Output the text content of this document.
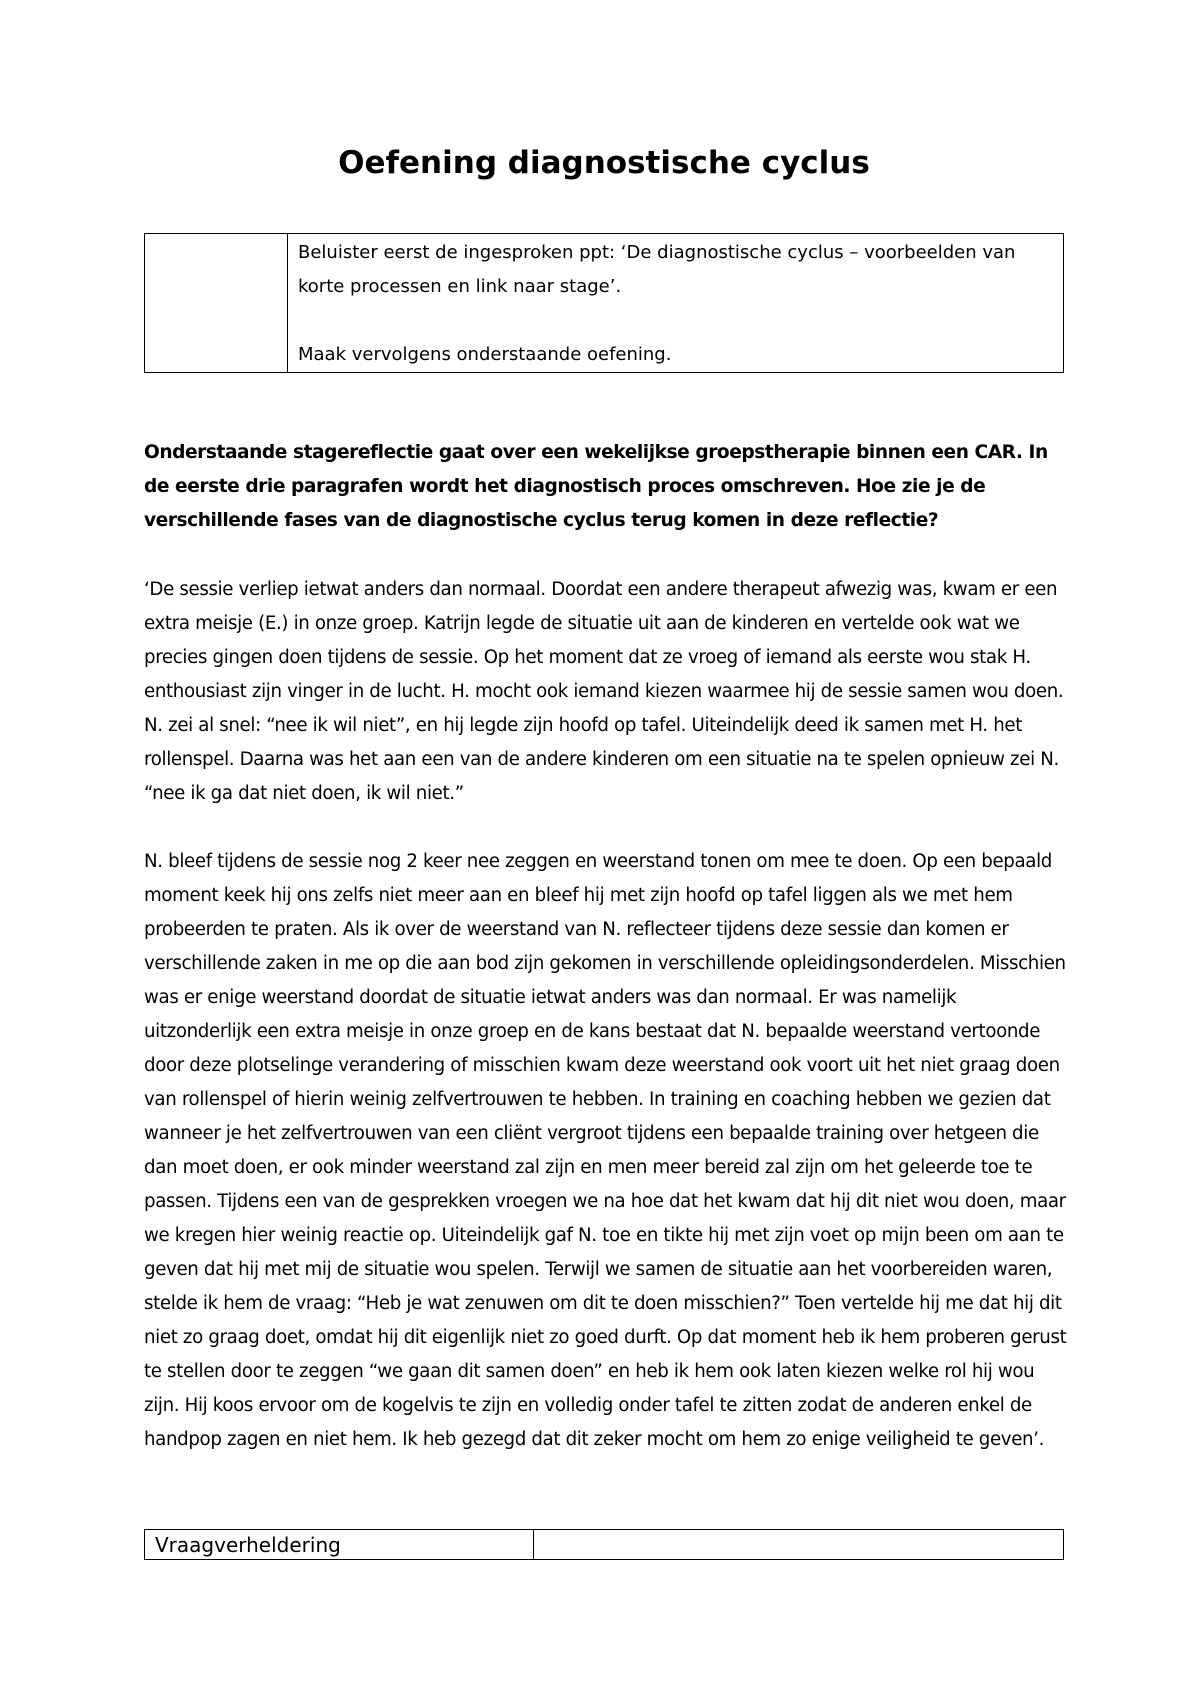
Oefening diagnostische cyclus

Beluister eerst de ingesproken ppt: ‘De diagnostische cyclus – voorbeelden van korte processen en link naar stage’.

Maak vervolgens onderstaande oefening.

Onderstaande stagereflectie gaat over een wekelijkse groepstherapie binnen een CAR. In de eerste drie paragrafen wordt het diagnostisch proces omschreven. Hoe zie je de verschillende fases van de diagnostische cyclus terug komen in deze reflectie?

‘De sessie verliep ietwat anders dan normaal. Doordat een andere therapeut afwezig was, kwam er een extra meisje (E.) in onze groep. Katrijn legde de situatie uit aan de kinderen en vertelde ook wat we precies gingen doen tijdens de sessie. Op het moment dat ze vroeg of iemand als eerste wou stak H. enthousiast zijn vinger in de lucht. H. mocht ook iemand kiezen waarmee hij de sessie samen wou doen. N. zei al snel: “nee ik wil niet”, en hij legde zijn hoofd op tafel. Uiteindelijk deed ik samen met H. het rollenspel. Daarna was het aan een van de andere kinderen om een situatie na te spelen opnieuw zei N. “nee ik ga dat niet doen, ik wil niet.”

N. bleef tijdens de sessie nog 2 keer nee zeggen en weerstand tonen om mee te doen. Op een bepaald moment keek hij ons zelfs niet meer aan en bleef hij met zijn hoofd op tafel liggen als we met hem probeerden te praten. Als ik over de weerstand van N. reflecteer tijdens deze sessie dan komen er verschillende zaken in me op die aan bod zijn gekomen in verschillende opleidingsonderdelen. Misschien was er enige weerstand doordat de situatie ietwat anders was dan normaal. Er was namelijk uitzonderlijk een extra meisje in onze groep en de kans bestaat dat N. bepaalde weerstand vertoonde door deze plotselinge verandering of misschien kwam deze weerstand ook voort uit het niet graag doen van rollenspel of hierin weinig zelfvertrouwen te hebben. In training en coaching hebben we gezien dat wanneer je het zelfvertrouwen van een cliënt vergroot tijdens een bepaalde training over hetgeen die dan moet doen, er ook minder weerstand zal zijn en men meer bereid zal zijn om het geleerde toe te passen. Tijdens een van de gesprekken vroegen we na hoe dat het kwam dat hij dit niet wou doen, maar we kregen hier weinig reactie op. Uiteindelijk gaf N. toe en tikte hij met zijn voet op mijn been om aan te geven dat hij met mij de situatie wou spelen. Terwijl we samen de situatie aan het voorbereiden waren, stelde ik hem de vraag: “Heb je wat zenuwen om dit te doen misschien?” Toen vertelde hij me dat hij dit niet zo graag doet, omdat hij dit eigenlijk niet zo goed durft. Op dat moment heb ik hem proberen gerust te stellen door te zeggen “we gaan dit samen doen” en heb ik hem ook laten kiezen welke rol hij wou zijn. Hij koos ervoor om de kogelvis te zijn en volledig onder tafel te zitten zodat de anderen enkel de handpop zagen en niet hem. Ik heb gezegd dat dit zeker mocht om hem zo enige veiligheid te geven’.

Vraagverheldering	
